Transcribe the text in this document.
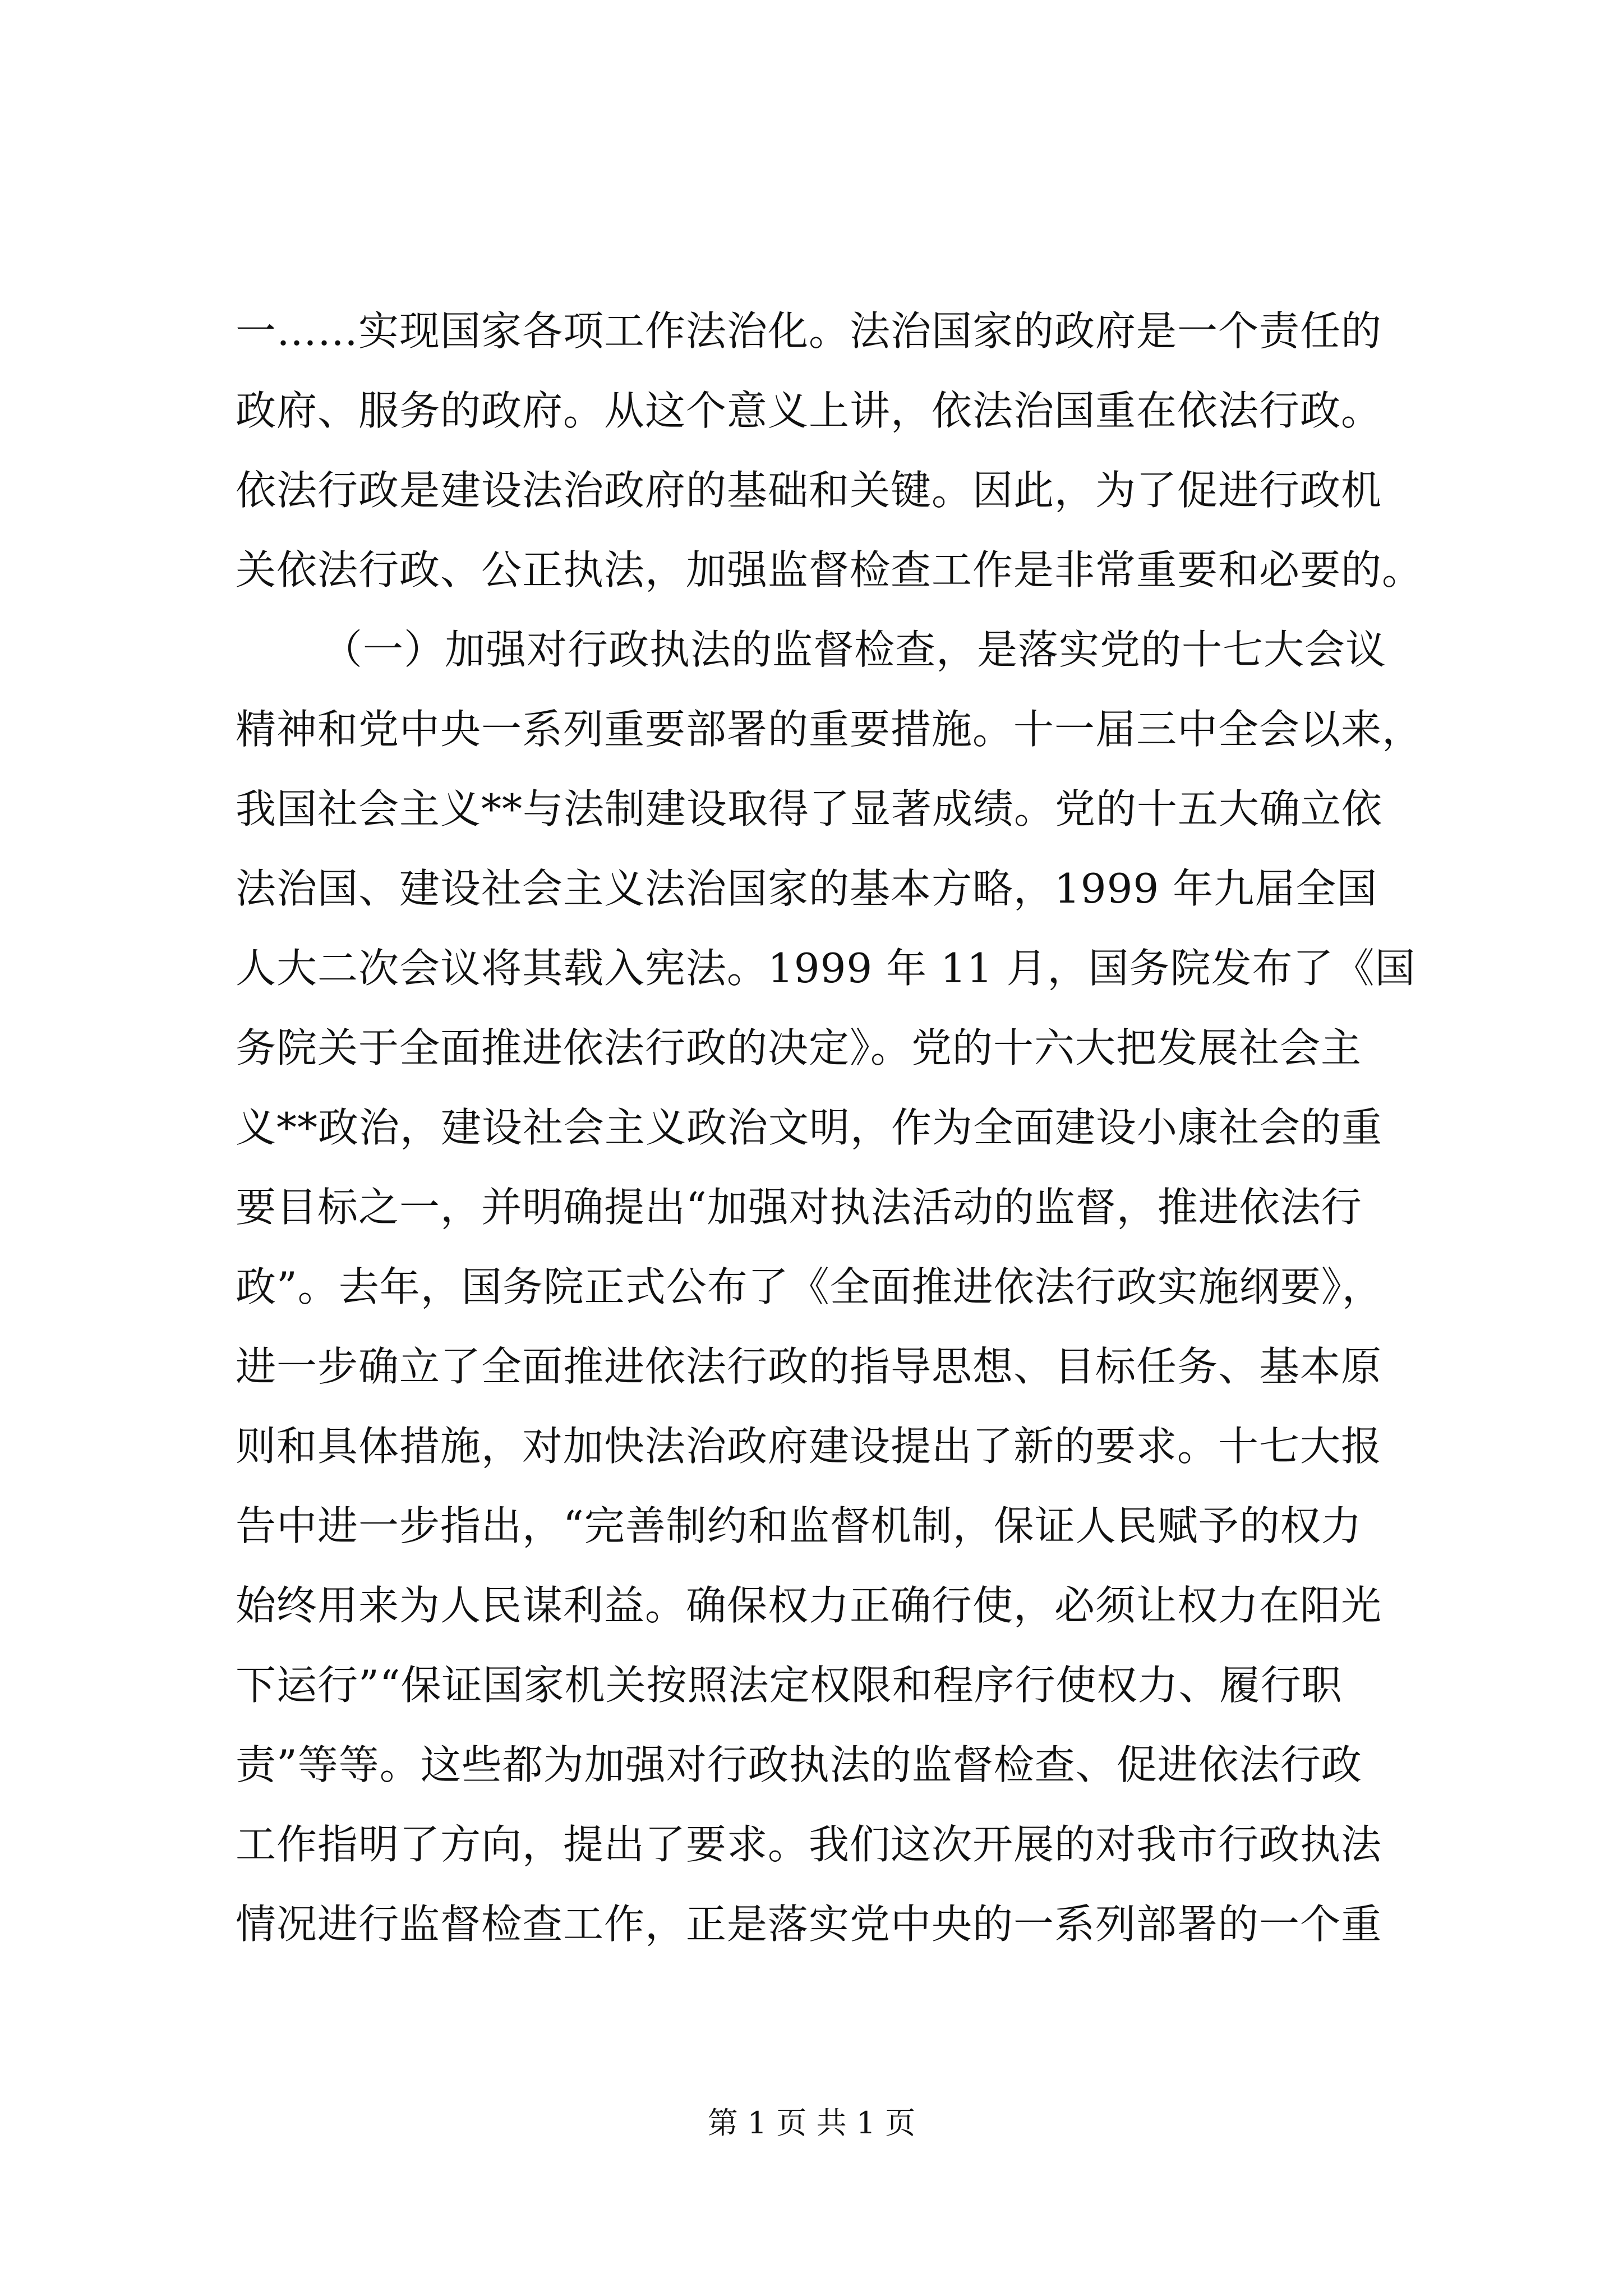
一……实现国家各项工作法治化。法治国家的政府是一个责任的
政府、服务的政府。从这个意义上讲，依法治国重在依法行政。
依法行政是建设法治政府的基础和关键。因此，为了促进行政机
关依法行政、公正执法，加强监督检查工作是非常重要和必要的。
（一）加强对行政执法的监督检查，是落实党的十七大会议
精神和党中央一系列重要部署的重要措施。十一届三中全会以来，
我国社会主义**与法制建设取得了显著成绩。党的十五大确立依
法治国、建设社会主义法治国家的基本方略，1999 年九届全国
人大二次会议将其载入宪法。1999 年 11 月，国务院发布了《国
务院关于全面推进依法行政的决定》。党的十六大把发展社会主
义**政治，建设社会主义政治文明，作为全面建设小康社会的重
要目标之一，并明确提出“加强对执法活动的监督，推进依法行
政”。去年，国务院正式公布了《全面推进依法行政实施纲要》，
进一步确立了全面推进依法行政的指导思想、目标任务、基本原
则和具体措施，对加快法治政府建设提出了新的要求。十七大报
告中进一步指出，“完善制约和监督机制，保证人民赋予的权力
始终用来为人民谋利益。确保权力正确行使，必须让权力在阳光
下运行”“保证国家机关按照法定权限和程序行使权力、履行职
责”等等。这些都为加强对行政执法的监督检查、促进依法行政
工作指明了方向，提出了要求。我们这次开展的对我市行政执法
情况进行监督检查工作，正是落实党中央的一系列部署的一个重
第 1 页 共 1 页
